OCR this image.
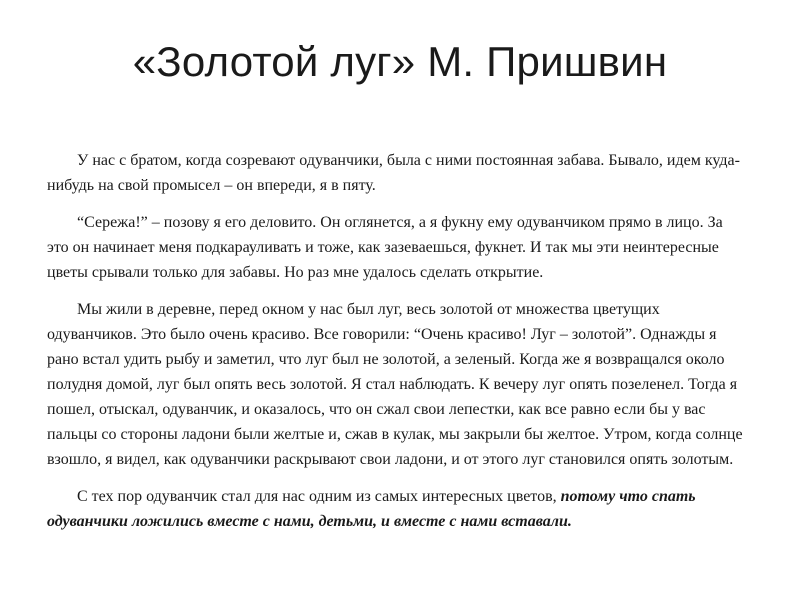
«Золотой луг» М. Пришвин

У нас с братом, когда созревают одуванчики, была с ними постоянная забава. Бывало, идем куда-нибудь на свой промысел – он впереди, я в пяту.

“Сережа!” – позову я его деловито. Он оглянется, а я фукну ему одуванчиком прямо в лицо. За это он начинает меня подкарауливать и тоже, как зазеваешься, фукнет. И так мы эти неинтересные цветы срывали только для забавы. Но раз мне удалось сделать открытие.

Мы жили в деревне, перед окном у нас был луг, весь золотой от множества цветущих одуванчиков. Это было очень красиво. Все говорили: “Очень красиво! Луг – золотой”. Однажды я рано встал удить рыбу и заметил, что луг был не золотой, а зеленый. Когда же я возвращался около полудня домой, луг был опять весь золотой. Я стал наблюдать. К вечеру луг опять позеленел. Тогда я пошел, отыскал, одуванчик, и оказалось, что он сжал свои лепестки, как все равно если бы у вас пальцы со стороны ладони были желтые и, сжав в кулак, мы закрыли бы желтое. Утром, когда солнце взошло, я видел, как одуванчики раскрывают свои ладони, и от этого луг становился опять золотым.

С тех пор одуванчик стал для нас одним из самых интересных цветов, потому что спать одуванчики ложились вместе с нами, детьми, и вместе с нами вставали.
